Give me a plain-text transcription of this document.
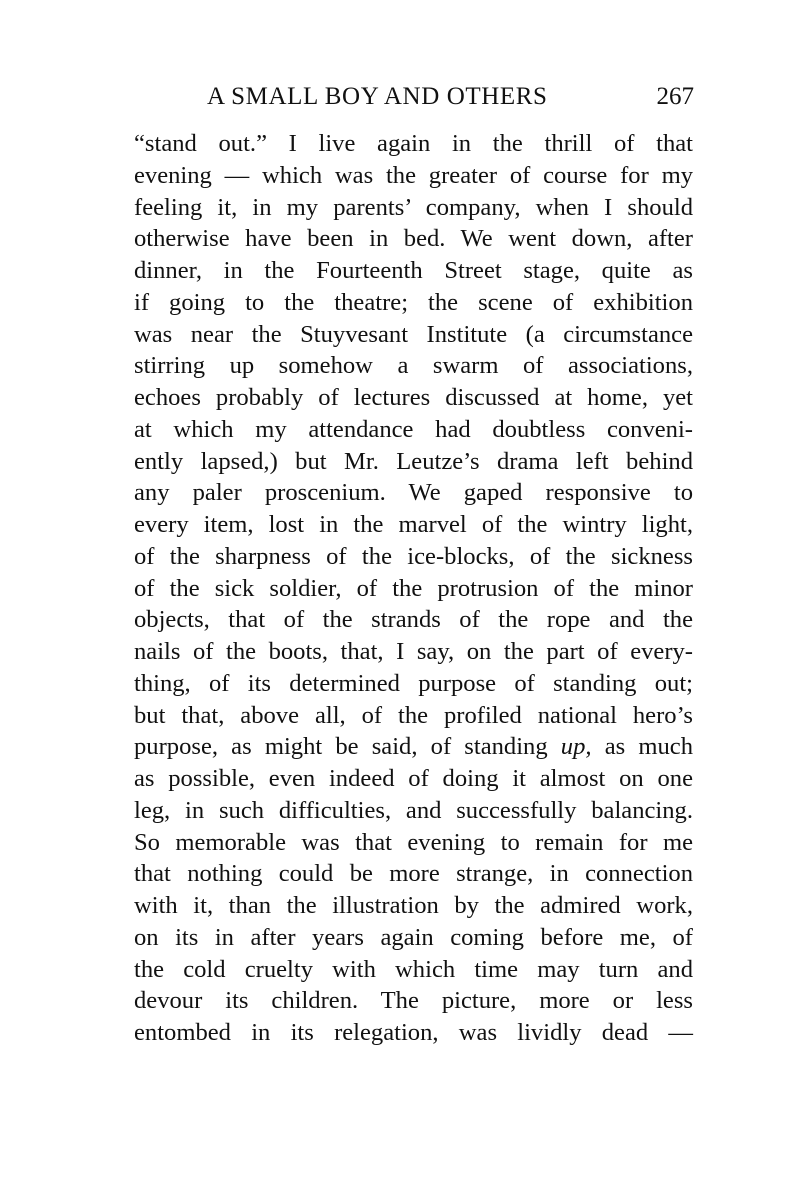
A SMALL BOY AND OTHERS	267
“stand out.” I live again in the thrill of that
evening — which was the greater of course for my
feeling it, in my parents’ company, when I should
otherwise have been in bed. We went down, after
dinner, in the Fourteenth Street stage, quite as
if going to the theatre; the scene of exhibition
was near the Stuyvesant Institute (a circumstance
stirring up somehow a swarm of associations,
echoes probably of lectures discussed at home, yet
at which my attendance had doubtless conveni-
ently lapsed,) but Mr. Leutze’s drama left behind
any paler proscenium. We gaped responsive to
every item, lost in the marvel of the wintry light,
of the sharpness of the ice-blocks, of the sickness
of the sick soldier, of the protrusion of the minor
objects, that of the strands of the rope and the
nails of the boots, that, I say, on the part of every-
thing, of its determined purpose of standing out;
but that, above all, of the profiled national hero’s
purpose, as might be said, of standing up, as much
as possible, even indeed of doing it almost on one
leg, in such difficulties, and successfully balancing.
So memorable was that evening to remain for me
that nothing could be more strange, in connection
with it, than the illustration by the admired work,
on its in after years again coming before me, of
the cold cruelty with which time may turn and
devour its children. The picture, more or less
entombed in its relegation, was lividly dead —
